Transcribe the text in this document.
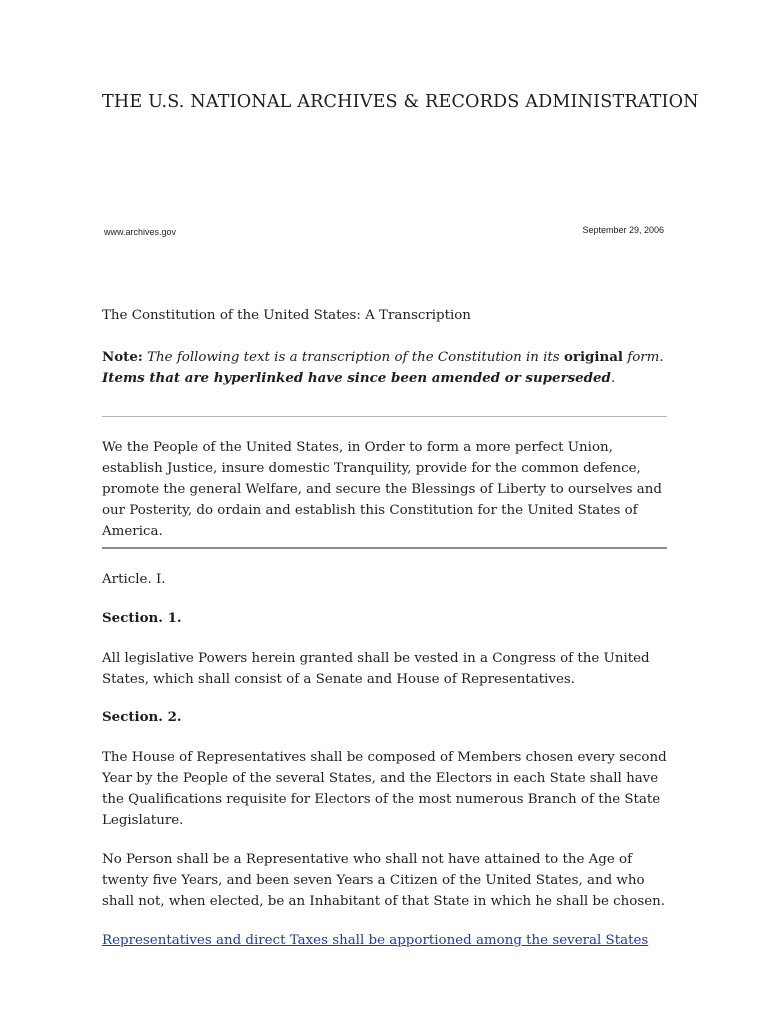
THE U.S. NATIONAL ARCHIVES & RECORDS ADMINISTRATION
www.archives.gov	September 29, 2006
The Constitution of the United States: A Transcription
Note: The following text is a transcription of the Constitution in its original form.
Items that are hyperlinked have since been amended or superseded.
We the People of the United States, in Order to form a more perfect Union, establish Justice, insure domestic Tranquility, provide for the common defence, promote the general Welfare, and secure the Blessings of Liberty to ourselves and our Posterity, do ordain and establish this Constitution for the United States of America.
Article. I.
Section. 1.
All legislative Powers herein granted shall be vested in a Congress of the United States, which shall consist of a Senate and House of Representatives.
Section. 2.
The House of Representatives shall be composed of Members chosen every second Year by the People of the several States, and the Electors in each State shall have the Qualifications requisite for Electors of the most numerous Branch of the State Legislature.
No Person shall be a Representative who shall not have attained to the Age of twenty five Years, and been seven Years a Citizen of the United States, and who shall not, when elected, be an Inhabitant of that State in which he shall be chosen.
Representatives and direct Taxes shall be apportioned among the several States
